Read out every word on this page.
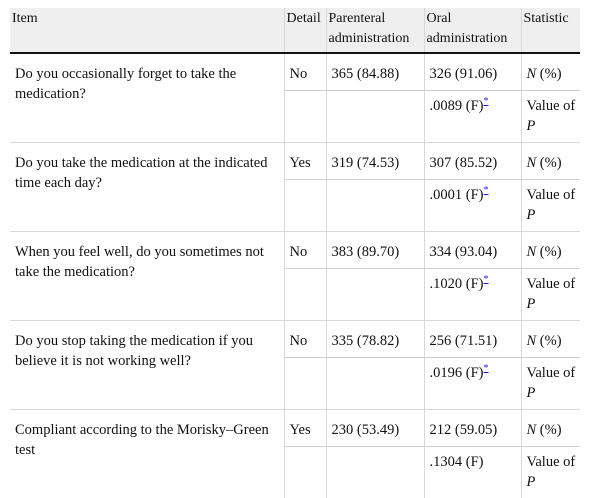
Item	Detail	Parenteral administration	Oral administration	Statistic
Do you occasionally forget to take the medication?	No	365 (84.88)	326 (91.06)	N (%)
			.0089 (F)*	Value of P
Do you take the medication at the indicated time each day?	Yes	319 (74.53)	307 (85.52)	N (%)
			.0001 (F)*	Value of P
When you feel well, do you sometimes not take the medication?	No	383 (89.70)	334 (93.04)	N (%)
			.1020 (F)*	Value of P
Do you stop taking the medication if you believe it is not working well?	No	335 (78.82)	256 (71.51)	N (%)
			.0196 (F)*	Value of P
Compliant according to the Morisky–Green test	Yes	230 (53.49)	212 (59.05)	N (%)
			.1304 (F)	Value of P
